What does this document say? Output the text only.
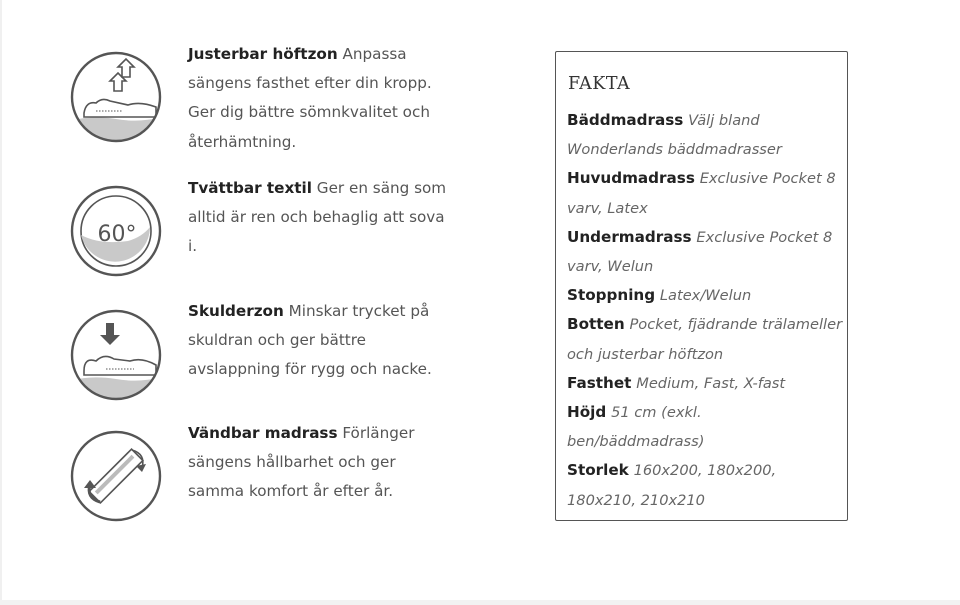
60°
Justerbar höftzon Anpassa sängens fasthet efter din kropp. Ger dig bättre sömnkvalitet och återhämtning.
Tvättbar textil Ger en säng som alltid är ren och behaglig att sova i.
Skulderzon Minskar trycket på skuldran och ger bättre avslappning för rygg och nacke.
Vändbar madrass Förlänger sängens hållbarhet och ger samma komfort år efter år.
FAKTA
Bäddmadrass Välj bland Wonderlands bäddmadrasser
Huvudmadrass Exclusive Pocket 8 varv, Latex
Undermadrass Exclusive Pocket 8 varv, Welun
Stoppning Latex/Welun
Botten Pocket, fjädrande trälameller och justerbar höftzon
Fasthet Medium, Fast, X-fast
Höjd 51 cm (exkl. ben/bäddmadrass)
Storlek 160x200, 180x200, 180x210, 210x210
